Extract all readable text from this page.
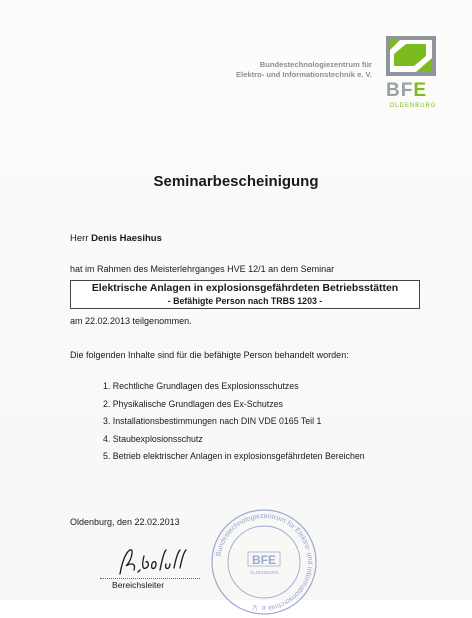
Bundestechnologiezentrum für
Elektro- und Informationstechnik e. V.
BFE
OLDENBURG
Seminarbescheinigung
Herr Denis Haesihus
hat im Rahmen des Meisterlehrganges HVE 12/1 an dem Seminar
Elektrische Anlagen in explosionsgefährdeten Betriebsstätten
- Befähigte Person nach TRBS 1203 -
am 22.02.2013 teilgenommen.
Die folgenden Inhalte sind für die befähigte Person behandelt worden:
1. Rechtliche Grundlagen des Explosionsschutzes
2. Physikalische Grundlagen des Ex-Schutzes
3. Installationsbestimmungen nach DIN VDE 0165 Teil 1
4. Staubexplosionsschutz
5. Betrieb elektrischer Anlagen in explosionsgefährdeten Bereichen
Oldenburg, den 22.02.2013
Bereichsleiter
Bundestechnologiezentrum für Elektro- und Informationstechnik e. V.
BFE
OLDENBURG
